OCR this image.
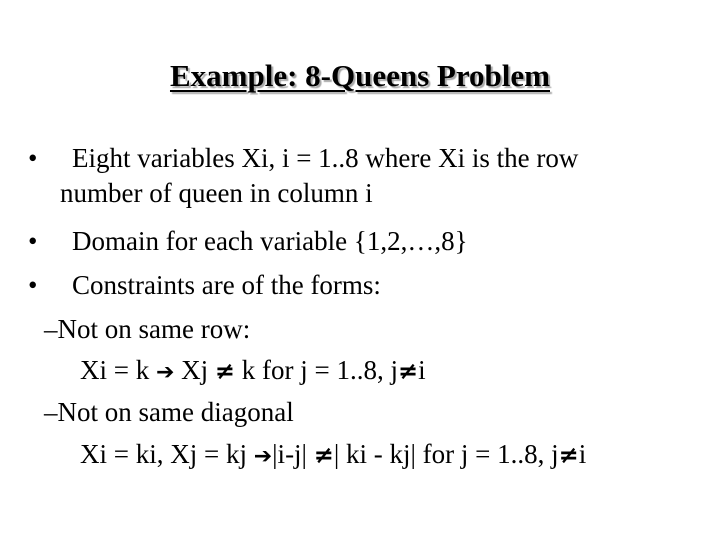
Example: 8-Queens Problem
• Eight variables Xi, i = 1..8 where Xi is the row
number of queen in column i
• Domain for each variable {1,2,…,8}
• Constraints are of the forms:
–Not on same row:
Xi = k ➔ Xj ≠ k for j = 1..8, j≠i
–Not on same diagonal
Xi = ki, Xj = kj ➔|i-j| ≠| ki - kj| for j = 1..8, j≠i
